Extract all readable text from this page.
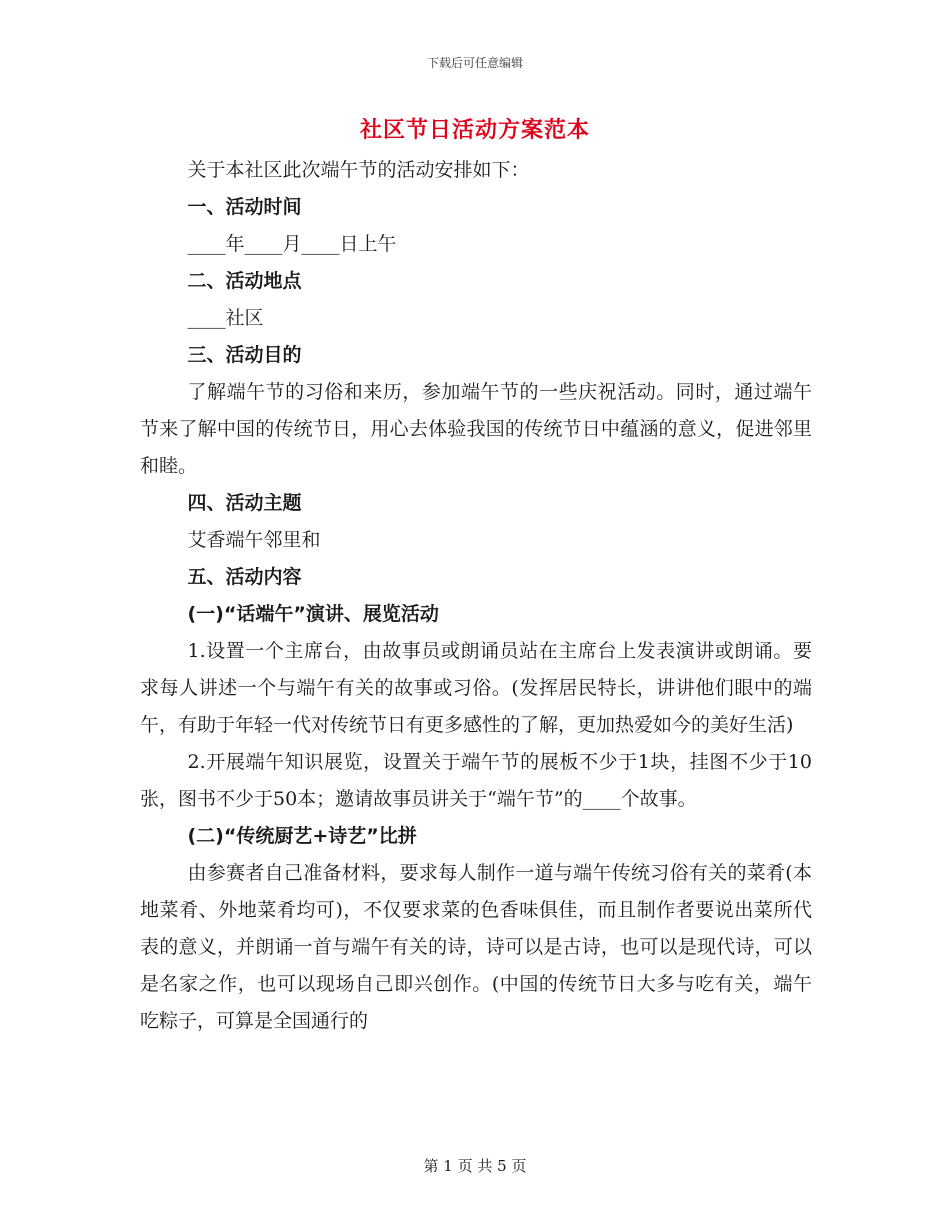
下载后可任意编辑
社区节日活动方案范本

关于本社区此次端午节的活动安排如下：

一、活动时间

____年____月____日上午

二、活动地点

____社区

三、活动目的

了解端午节的习俗和来历，参加端午节的一些庆祝活动。同时，通过端午节来了解中国的传统节日，用心去体验我国的传统节日中蕴涵的意义，促进邻里和睦。

四、活动主题

艾香端午邻里和

五、活动内容

(一)“话端午”演讲、展览活动

1.设置一个主席台，由故事员或朗诵员站在主席台上发表演讲或朗诵。要求每人讲述一个与端午有关的故事或习俗。(发挥居民特长，讲讲他们眼中的端午，有助于年轻一代对传统节日有更多感性的了解，更加热爱如今的美好生活)

2.开展端午知识展览，设置关于端午节的展板不少于1块，挂图不少于10张，图书不少于50本；邀请故事员讲关于“端午节”的____个故事。

(二)“传统厨艺+诗艺”比拼

由参赛者自己准备材料，要求每人制作一道与端午传统习俗有关的菜肴(本地菜肴、外地菜肴均可)，不仅要求菜的色香味俱佳，而且制作者要说出菜所代表的意义，并朗诵一首与端午有关的诗，诗可以是古诗，也可以是现代诗，可以是名家之作，也可以现场自己即兴创作。(中国的传统节日大多与吃有关，端午吃粽子，可算是全国通行的

第 1 页 共 5 页
